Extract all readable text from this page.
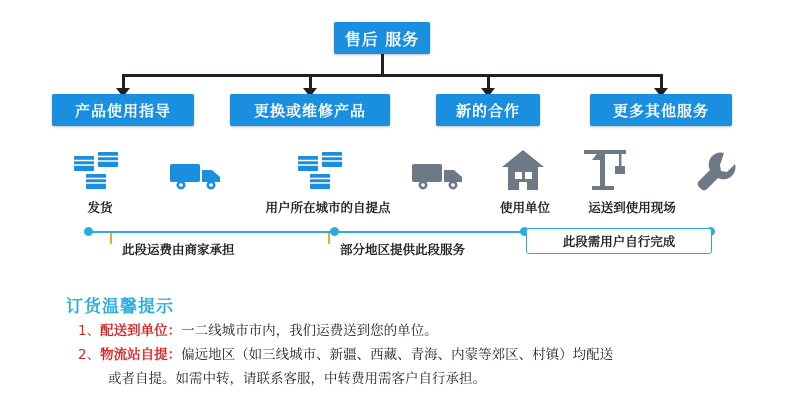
售后 服务
产品使用指导	更换或维修产品	新的合作	更多其他服务
发货	用户所在城市的自提点	使用单位	运送到使用现场
此段运费由商家承担	部分地区提供此段服务
此段需用户自行完成
订货温馨提示
1、配送到单位：一二线城市市内，我们运费送到您的单位。
2、物流站自提：偏远地区（如三线城市、新疆、西藏、青海、内蒙等郊区、村镇）均配送
或者自提。如需中转，请联系客服，中转费用需客户自行承担。
